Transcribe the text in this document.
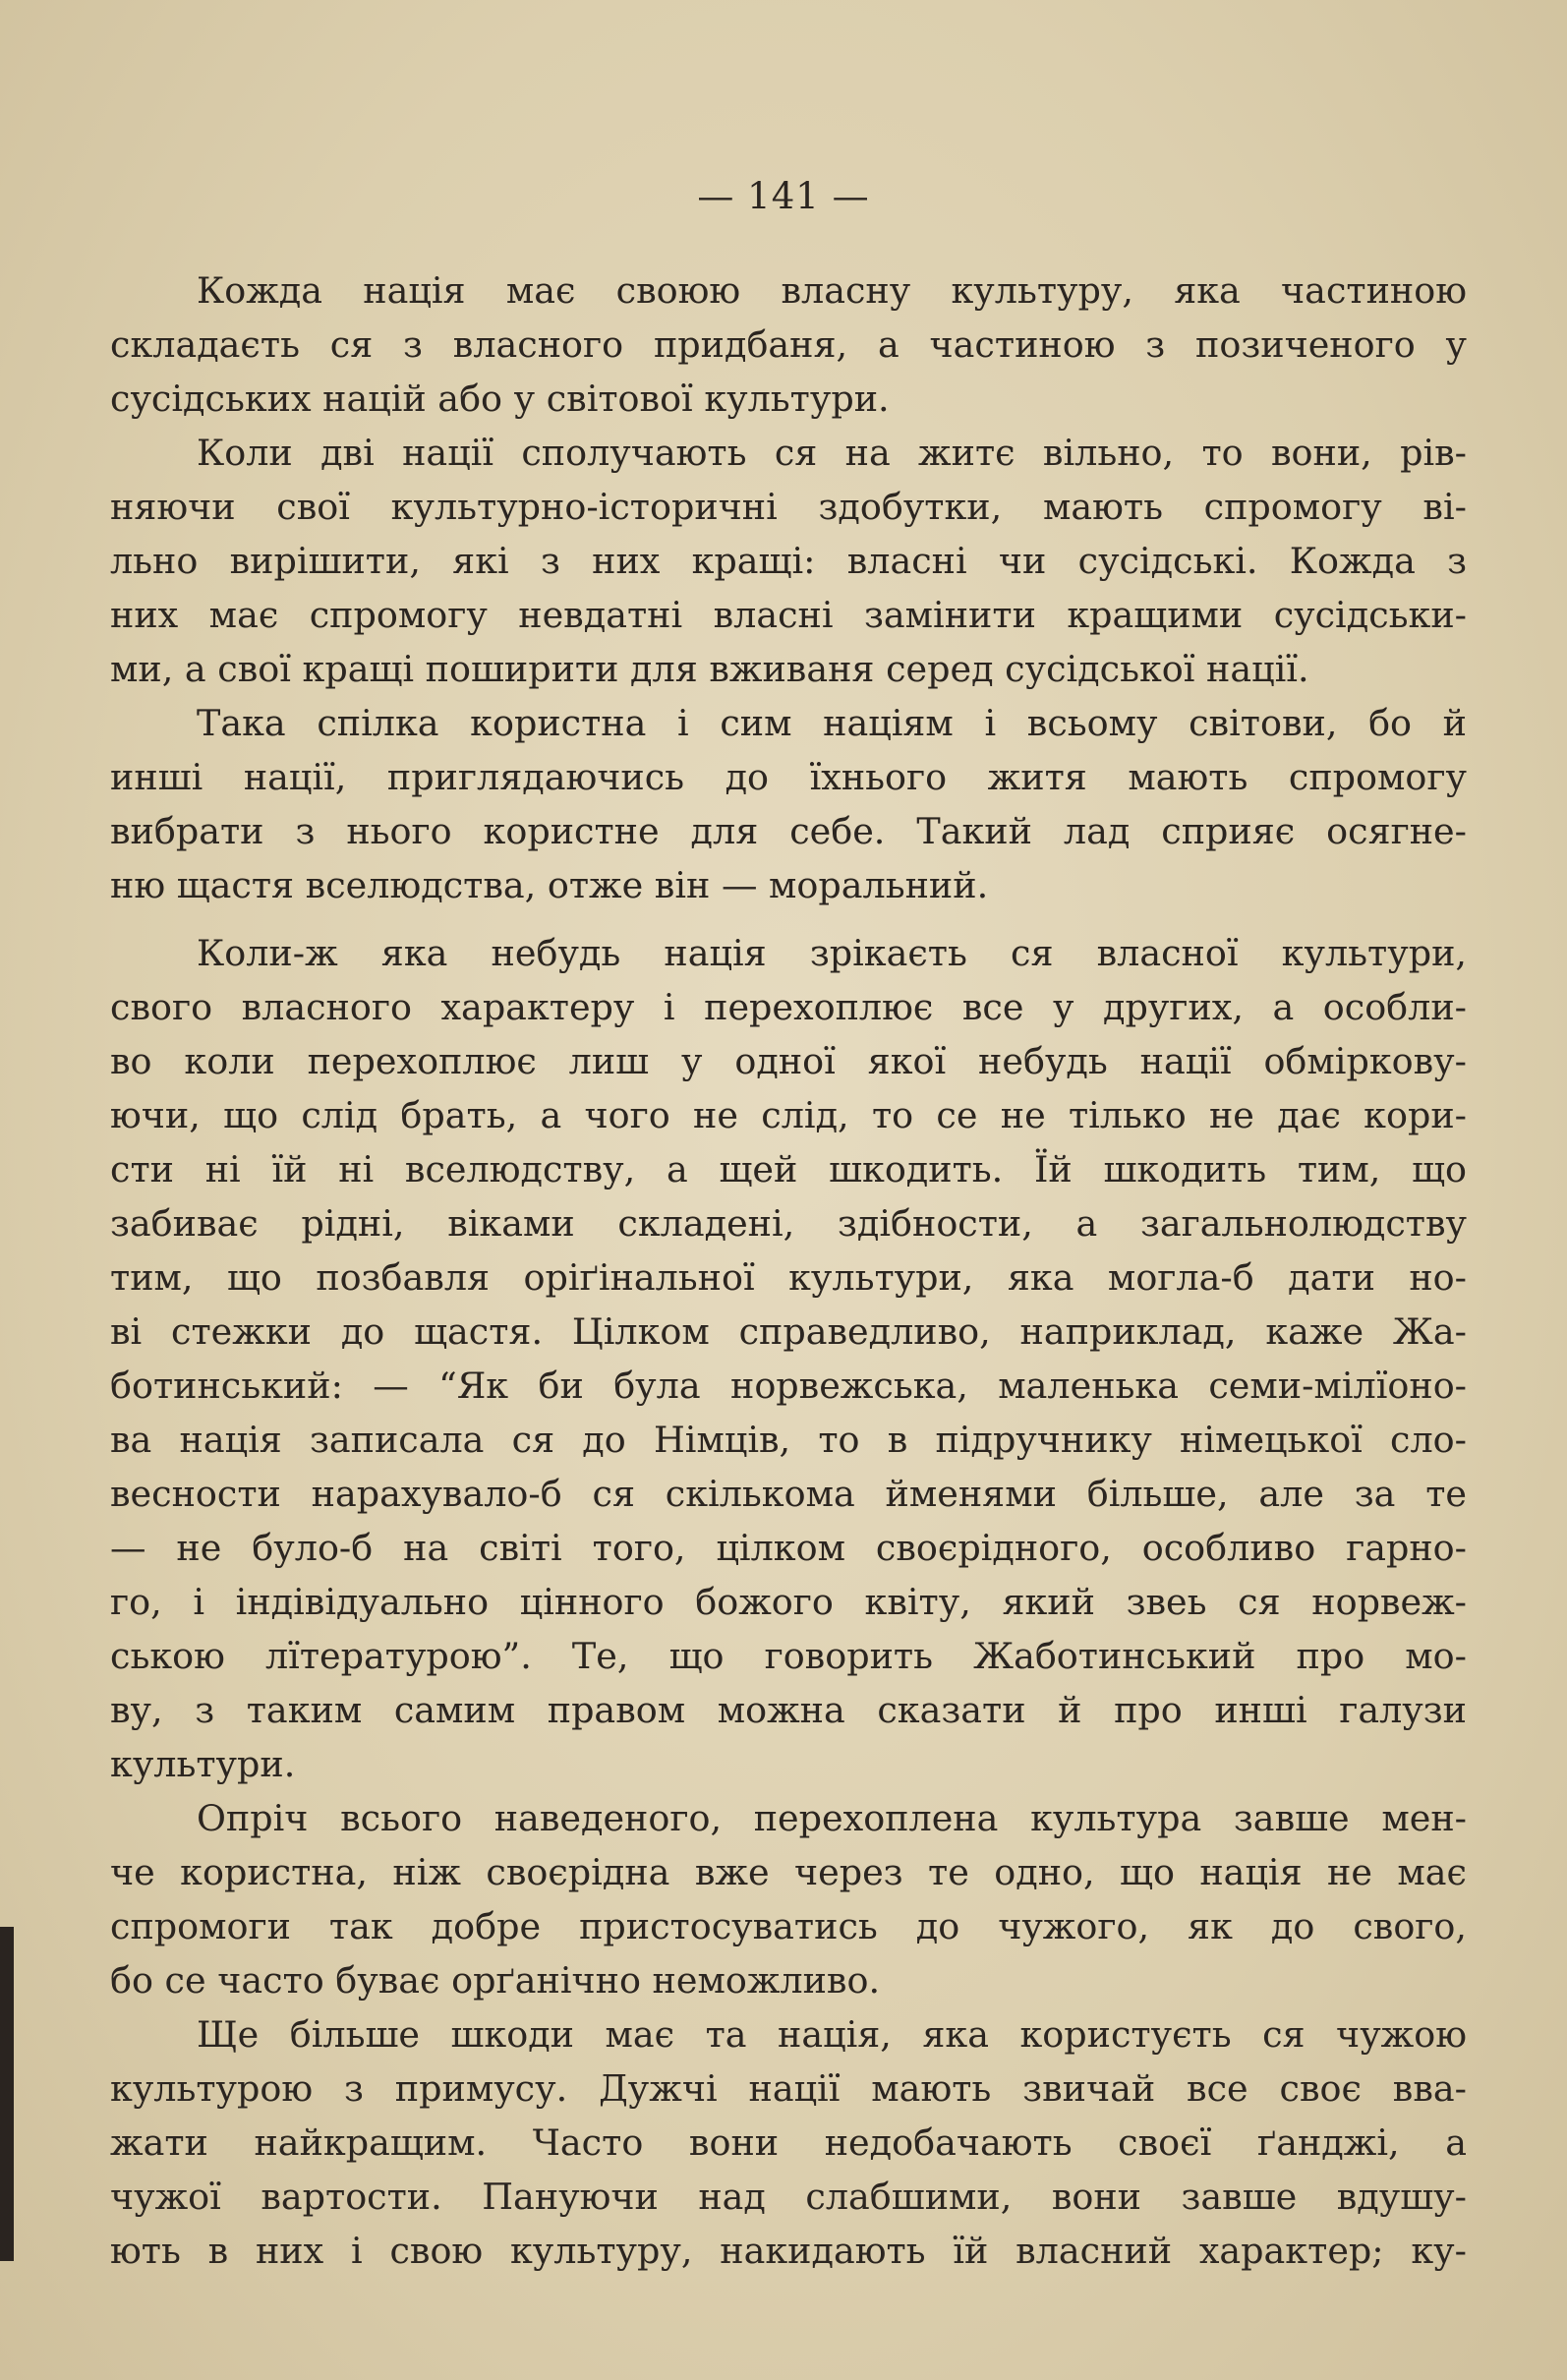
— 141 —
Кожда нація має своюю власну культуру, яка частиною
складаєть ся з власного придбаня, а частиною з позиченого у
сусідських націй або у світової культури.
Коли дві нації сполучають ся на житє вільно, то вони, рів-
няючи свої культурно-історичні здобутки, мають спромогу ві-
льно вирішити, які з них кращі: власні чи сусідські. Кожда з
них має спромогу невдатні власні замінити кращими сусідськи-
ми, а свої кращі поширити для вживаня серед сусідської нації.
Така спілка користна і сим націям і всьому світови, бо й
инші нації, приглядаючись до їхнього житя мають спромогу
вибрати з нього користне для себе. Такий лад сприяє осягне-
ню щастя вселюдства, отже він — моральний.
Коли-ж яка небудь нація зрікаєть ся власної культури,
свого власного характеру і перехоплює все у других, а особли-
во коли перехоплює лиш у одної якої небудь нації обміркову-
ючи, що слід брать, а чого не слід, то се не тілько не дає кори-
сти ні їй ні вселюдству, а щей шкодить. Їй шкодить тим, що
забиває рідні, віками складені, здібности, а загальнолюдству
тим, що позбавля оріґінальної культури, яка могла-б дати но-
ві стежки до щастя. Цілком справедливо, наприклад, каже Жа-
ботинський: — “Як би була норвежська, маленька семи-мілїоно-
ва нація записала ся до Німців, то в підручнику німецької сло-
весности нарахувало-б ся скількома йменями більше, але за те
— не було-б на світі того, цілком своєрідного, особливо гарно-
го, і індівідуально цінного божого квіту, який звеь ся норвеж-
ською лїтературою”. Те, що говорить Жаботинський про мо-
ву, з таким самим правом можна сказати й про инші галузи
культури.
Опріч всього наведеного, перехоплена культура завше мен-
че користна, ніж своєрідна вже через те одно, що нація не має
спромоги так добре пристосуватись до чужого, як до свого,
бо се часто буває орґанічно неможливо.
Ще більше шкоди має та нація, яка користуєть ся чужою
культурою з примусу. Дужчі нації мають звичай все своє вва-
жати найкращим. Часто вони недобачають своєї ґанджі, а
чужої вартости. Пануючи над слабшими, вони завше вдушу-
ють в них і свою культуру, накидають їй власний характер; ку-
